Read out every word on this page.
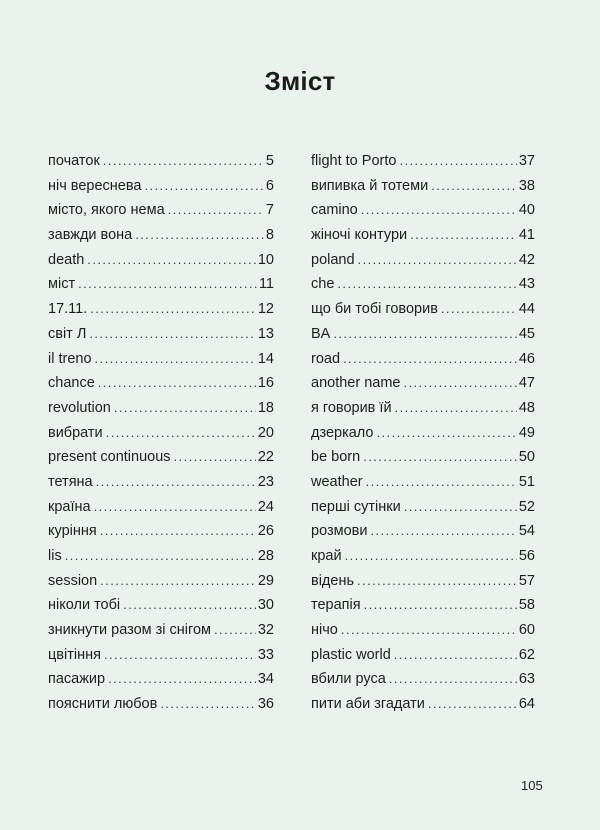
Зміст
початок . . .	5
ніч вереснева . . .	6
місто, якого нема . . .	7
завжди вона . . .	8
death . . .	10
міст . . .	11
17.11. . . .	12
світ Л . . .	13
il treno . . .	14
chance . . .	16
revolution . . .	18
вибрати . . .	20
present continuous . . .	22
тетяна . . .	23
країна . . .	24
куріння . . .	26
lis . . .	28
session . . .	29
ніколи тобі . . .	30
зникнути разом зі снігом . . .	32
цвітіння . . .	33
пасажир . . .	34
пояснити любов . . .	36
flight to Porto . . .	37
випивка й тотеми . . .	38
camino . . .	40
жіночі контури . . .	41
poland . . .	42
che . . .	43
що би тобі говорив . . .	44
BA . . .	45
road . . .	46
another name . . .	47
я говорив їй . . .	48
дзеркало . . .	49
be born . . .	50
weather . . .	51
перші сутінки . . .	52
розмови . . .	54
край . . .	56
відень . . .	57
терапія . . .	58
нічо . . .	60
plastic world . . .	62
вбили руса . . .	63
пити аби згадати . . .	64
105
